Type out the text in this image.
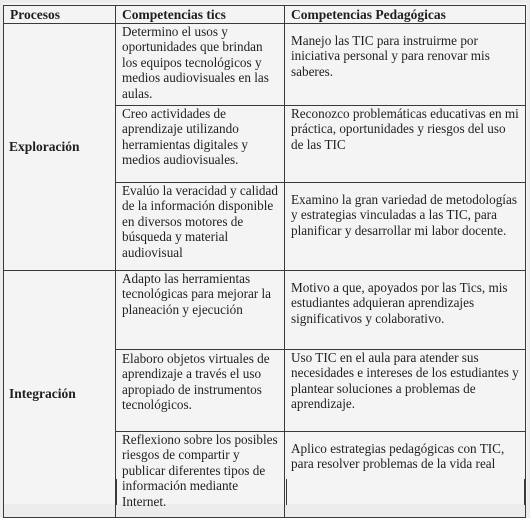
Procesos	Competencias tics	Competencias Pedagógicas
Exploración	Determino el usos y oportunidades que brindan los equipos tecnológicos y medios audiovisuales en las aulas.	Manejo las TIC para instruirme por iniciativa personal y para renovar mis saberes.
	Creo actividades de aprendizaje utilizando herramientas digitales y medios audiovisuales.	Reconozco problemáticas educativas en mi práctica, oportunidades y riesgos del uso de las TIC
	Evalúo la veracidad y calidad de la información disponible en diversos motores de búsqueda y material audiovisual	Examino la gran variedad de metodologías y estrategias vinculadas a las TIC, para planificar y desarrollar mi labor docente.
Integración	Adapto las herramientas tecnológicas para mejorar la planeación y ejecución	Motivo a que, apoyados por las Tics, mis estudiantes adquieran aprendizajes significativos y colaborativo.
	Elaboro objetos virtuales de aprendizaje a través el uso apropiado de instrumentos tecnológicos.	Uso TIC en el aula para atender sus necesidades e intereses de los estudiantes y plantear soluciones a problemas de aprendizaje.
	Reflexiono sobre los posibles riesgos de compartir y publicar diferentes tipos de información mediante Internet.	Aplico estrategias pedagógicas con TIC, para resolver problemas de la vida real
